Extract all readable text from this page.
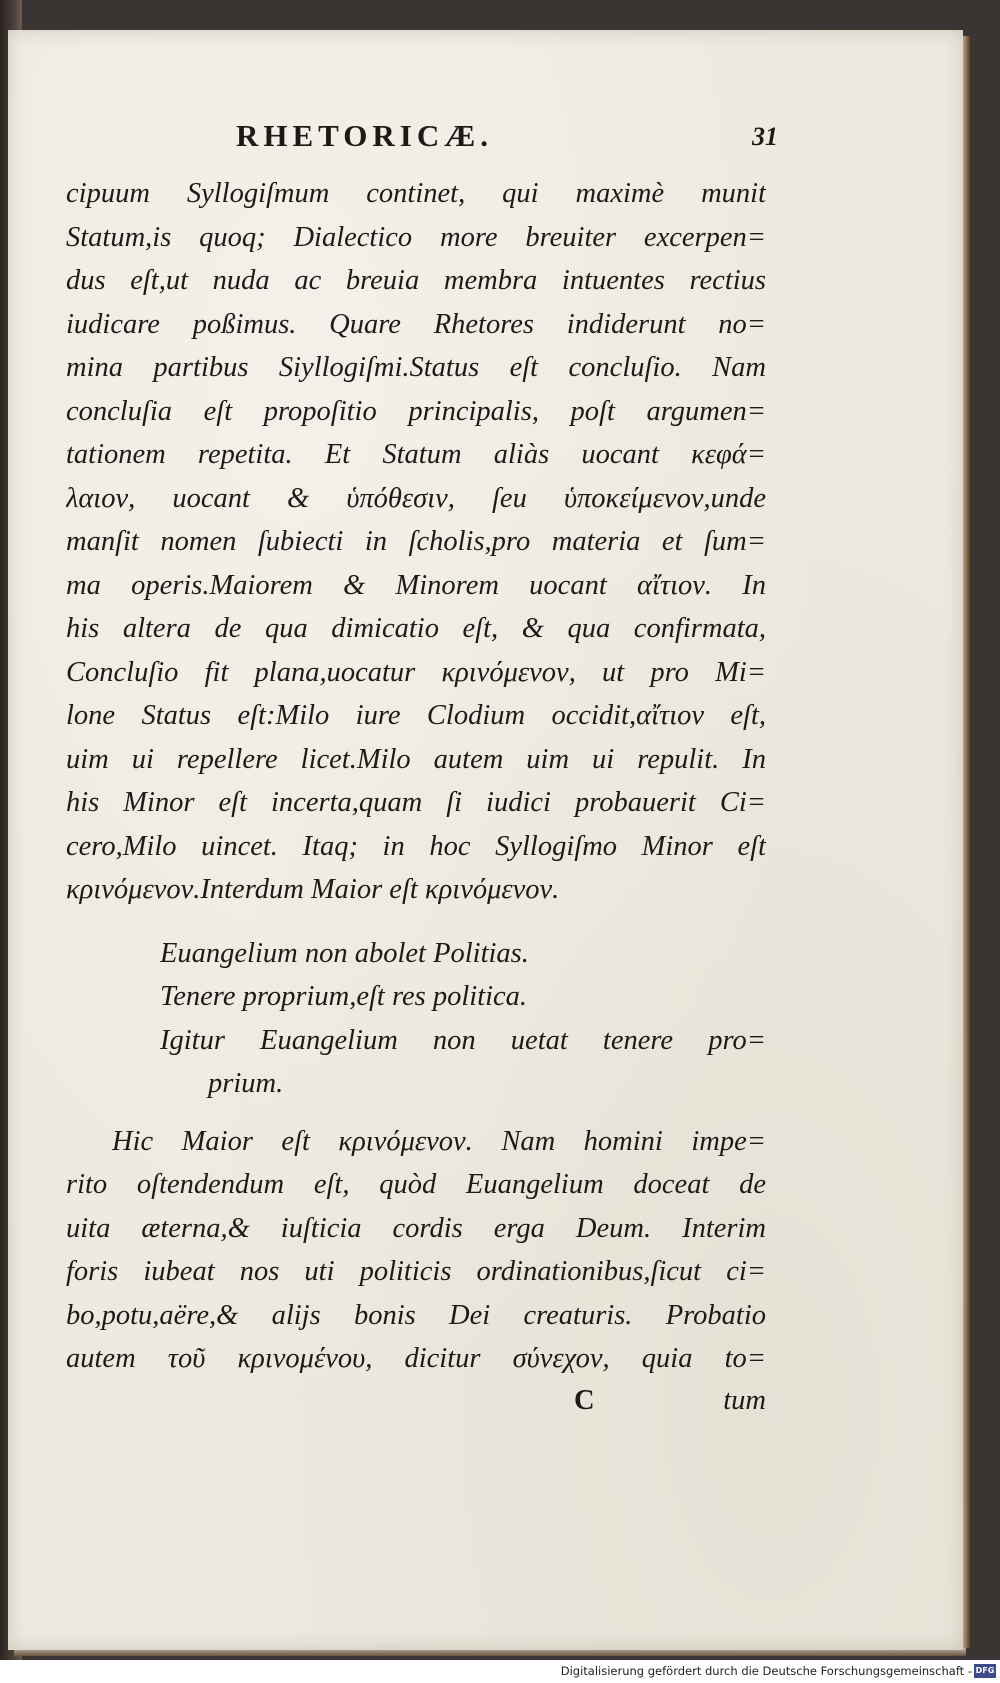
RHETORICÆ.	31
cipuum Syllogiſmum continet, qui maximè munit
Statum,is quoq; Dialectico more breuiter excerpen=
dus eſt,ut nuda ac breuia membra intuentes rectius
iudicare poßimus. Quare Rhetores indiderunt no=
mina partibus Siyllogiſmi.Status eſt concluſio. Nam
concluſia eſt propoſitio principalis, poſt argumen=
tationem repetita. Et Statum aliàs uocant κεφά=
λαιον, uocant & ὑπόθεσιν, ſeu ὑποκείμενον,unde
manſit nomen ſubiecti in ſcholis,pro materia et ſum=
ma operis.Maiorem & Minorem uocant αἴτιον. In
his altera de qua dimicatio eſt, & qua confirmata,
Concluſio fit plana,uocatur κρινόμενον, ut pro Mi=
lone Status eſt:Milo iure Clodium occidit,αἴτιον eſt,
uim ui repellere licet.Milo autem uim ui repulit. In
his Minor eſt incerta,quam ſi iudici probauerit Ci=
cero,Milo uincet. Itaq; in hoc Syllogiſmo Minor eſt
κρινόμενον.Interdum Maior eſt κρινόμενον.
Euangelium non abolet Politias.
Tenere proprium,eſt res politica.
Igitur Euangelium non uetat tenere pro=
prium.
Hic Maior eſt κρινόμενον. Nam homini impe=
rito oſtendendum eſt, quòd Euangelium doceat de
uita æterna,& iuſticia cordis erga Deum. Interim
foris iubeat nos uti politicis ordinationibus,ſicut ci=
bo,potu,aëre,& aliјs bonis Dei creaturis. Probatio
autem τοῦ κρινομένου, dicitur σύνεχον, quia to=
C	tum
Digitalisierung gefördert durch die Deutsche Forschungsgemeinschaft - DFG
